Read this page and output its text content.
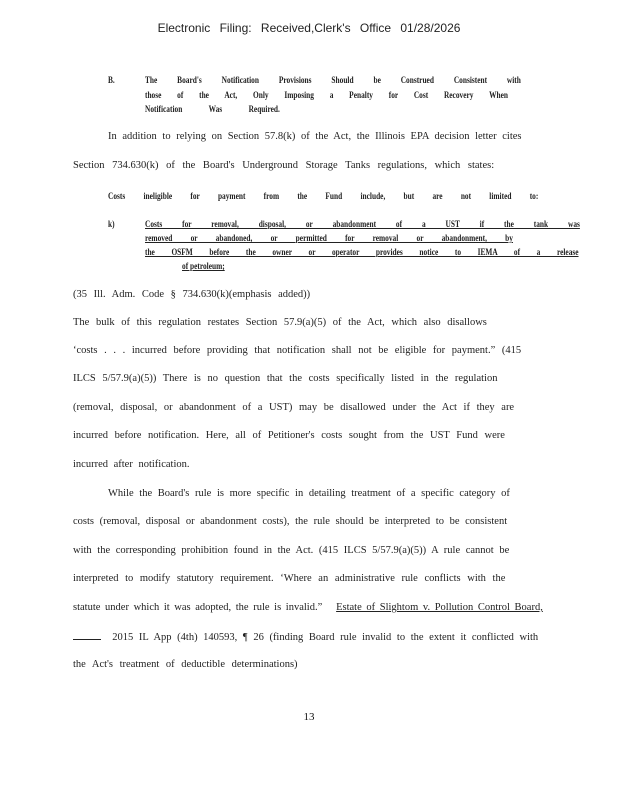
Electronic Filing: Received,Clerk's Office 01/28/2026
B.	The Board's Notification Provisions Should be Construed Consistent with
those of the Act, Only Imposing a Penalty for Cost Recovery When
Notification Was Required.
In addition to relying on Section 57.8(k) of the Act, the Illinois EPA decision letter cites
Section 734.630(k) of the Board's Underground Storage Tanks regulations, which states:
Costs ineligible for payment from the Fund include, but are not limited to:
k)	Costs for removal, disposal, or abandonment of a UST if the tank was
removed or abandoned, or permitted for removal or abandonment, by
the OSFM before the owner or operator provides notice to IEMA of a release
of petroleum;
(35 Ill. Adm. Code § 734.630(k)(emphasis added))
The bulk of this regulation restates Section 57.9(a)(5) of the Act, which also disallows
‘costs . . . incurred before providing that notification shall not be eligible for payment.” (415
ILCS 5/57.9(a)(5)) There is no question that the costs specifically listed in the regulation
(removal, disposal, or abandonment of a UST) may be disallowed under the Act if they are
incurred before notification. Here, all of Petitioner's costs sought from the UST Fund were
incurred after notification.
While the Board's rule is more specific in detailing treatment of a specific category of
costs (removal, disposal or abandonment costs), the rule should be interpreted to be consistent
with the corresponding prohibition found in the Act. (415 ILCS 5/57.9(a)(5)) A rule cannot be
interpreted to modify statutory requirement. ‘Where an administrative rule conflicts with the
statute under which it was adopted, the rule is invalid.” Estate of Slightom v. Pollution Control Board,
2015 IL App (4th) 140593, ¶ 26 (finding Board rule invalid to the extent it conflicted with
the Act's treatment of deductible determinations)
13
